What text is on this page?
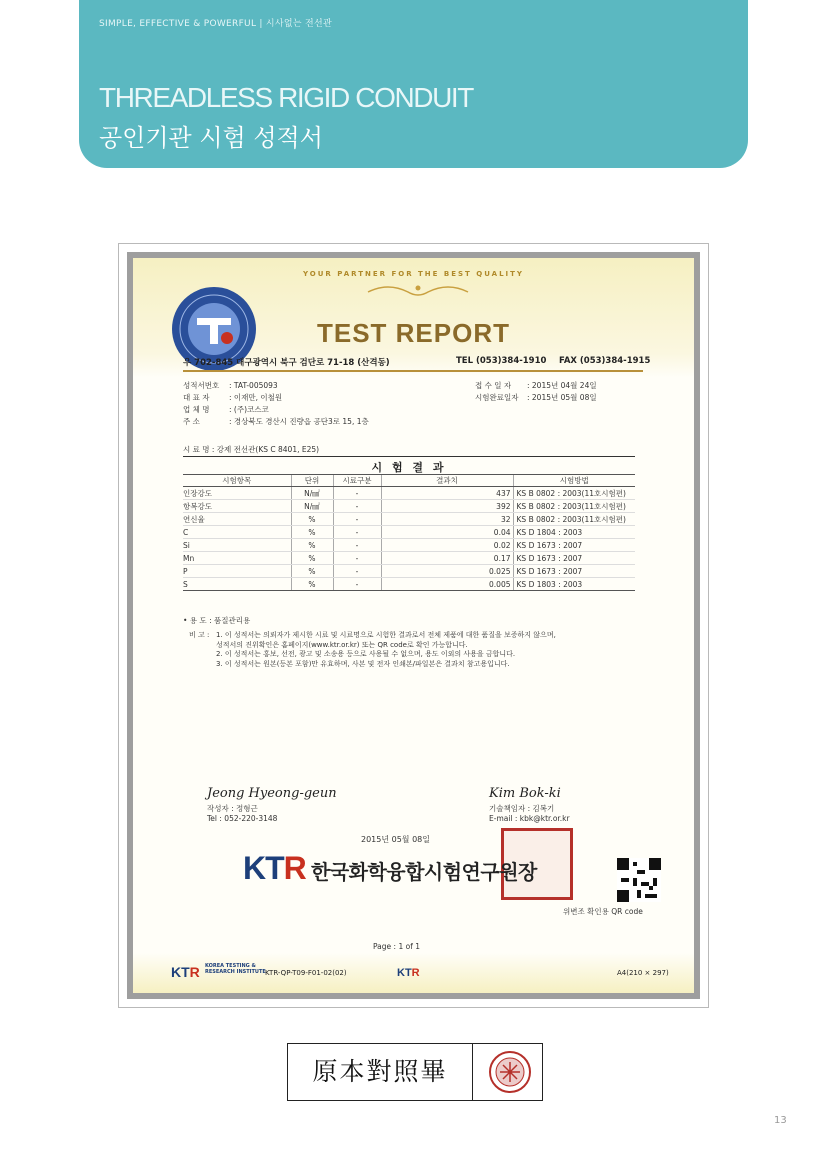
SIMPLE, EFFECTIVE & POWERFUL | 시사없는 전선관
THREADLESS RIGID CONDUIT
공인기관 시험 성적서
YOUR PARTNER FOR THE BEST QUALITY
TEST REPORT
우 702-845 대구광역시 북구 검단로 71-18 (산격동)	TEL (053)384-1910 FAX (053)384-1915
성적서번호 : TAT-005093
대 표 자	: 이재만, 이철원
업 체 명	: (주)코스코
주 소	: 경상북도 경산시 진량읍 공단3로 15, 1층
접 수 일 자 : 2015년 04월 24일
시험완료일자 : 2015년 05월 08일
시 료 명 : 강제 전선관(KS C 8401, E25)
시 험 결 과
시험항목	단위	시료구분	결과치	시험방법
인장강도	N/㎟	-	437	KS B 0802 : 2003(11호시험편)
항복강도	N/㎟	-	392	KS B 0802 : 2003(11호시험편)
연신율	%	-	32	KS B 0802 : 2003(11호시험편)
C	%	-	0.04	KS D 1804 : 2003
Si	%	-	0.02	KS D 1673 : 2007
Mn	%	-	0.17	KS D 1673 : 2007
P	%	-	0.025	KS D 1673 : 2007
S	%	-	0.005	KS D 1803 : 2003
• 용 도 : 품질관리용
비 고 : 1. 이 성적서는 의뢰자가 제시한 시료 및 시료명으로 시험한 결과로서 전체 제품에 대한 품질을 보증하지 않으며,
성적서의 진위확인은 홈페이지(www.ktr.or.kr) 또는 QR code로 확인 가능합니다.
2. 이 성적서는 홍보, 선전, 광고 및 소송용 등으로 사용될 수 없으며, 용도 이외의 사용을 금합니다.
3. 이 성적서는 원본(등본 포함)만 유효하며, 사본 및 전자 인쇄본/파일본은 결과치 참고용입니다.
Jeong Hyeong-geun
작성자 : 정형근
Tel : 052-220-3148
Kim Bok-ki
기술책임자 : 김복기
E-mail : kbk@ktr.or.kr
2015년 05월 08일
KTR 한국화학융합시험연구원장
위변조 확인용 QR code
Page : 1 of 1
KTR KOREA TESTING &
RESEARCH INSTITUTE KTR-QP-T09-F01-02(02)	KTR	A4(210 × 297)
原本對照畢
13
